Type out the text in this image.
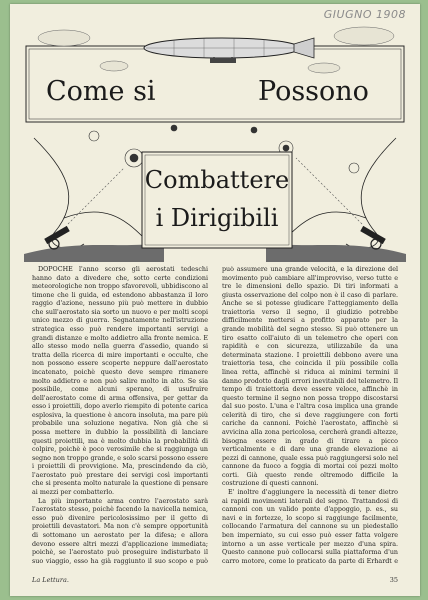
GIUGNO 1908
Come si	Possono
Combattere
i Dirigibili

DOPOCHÈ l'anno scorso gli aerostati tedeschi hanno dato a divedere che, sotto certe condizioni meteorologiche non troppo sfavorevoli, ubbidiscono al timone che li guida, ed estendono abbastanza il loro raggio d'azione, nessuno più può mettere in dubbio che sull'aerostato sia sorto un nuovo e per molti scopi unico mezzo di guerra. Segnatamente nell'istruzione strategica esso può rendere importanti servigi a grandi distanze e molto addietro alla fronte nemica. E allo stesso modo nella guerra d'assedio, quando si tratta della ricerca di mire importanti e occulte, che non possono essere scoperte neppure dall'aerostato incatenato, poichè questo deve sempre rimanere molto addietro e non può salire molto in alto. Se sia possibile, come alcuni sperano, di usufruire dell'aerostato come di arma offensiva, per gettar da esso i proiettili, dopo averlo riempito di potente carica esplosiva, la questione è ancora insoluta, ma pare più probabile una soluzione negativa. Non già che si possa mettere in dubbio la possibilità di lanciare questi proiettili, ma è molto dubbia la probabilità di colpire, poichè è poco verosimile che si raggiunga un segno non troppo grande, e solo scarsi possono essere i proiettili di provvigione. Ma, prescindendo da ciò, l'aerostato può prestare dei servigi così importanti che si presenta molto naturale la questione di pensare ai mezzi per combatterlo.

La più importante arma contro l'aerostato sarà l'aerostato stesso, poichè facendo la navicella nemica, esso può divenire pericolosissimo per il getto di proiettili devastatori. Ma non c'è sempre opportunità di sottomano un aerostato per la difesa; e allora devono essere altri mezzi d'applicazione immediata; poichè, se l'aerostato può proseguire indisturbato il suo viaggio, esso ha già raggiunto il suo scopo e può

può assumere una grande velocità, e la direzione del movimento può cambiare all'improvviso, verso tutte e tre le dimensioni dello spazio. Di tiri informati a giusta osservazione del colpo non è il caso di parlare. Anche se si potesse giudicare l'atteggiamento della traiettoria verso il segno, il giudizio potrebbe difficilmente mettersi a profitto apparato per la grande mobilità del segno stesso. Si può ottenere un tiro esatto coll'aiuto di un telemetro che operi con rapidità e con sicurezza, utilizzabile da una determinata stazione. I proiettili debbono avere una traiettoria tesa, che coincida il più possibile colla linea retta, affinchè si riduca ai minimi termini il danno prodotto dagli errori inevitabili del telemetro. Il tempo di traiettoria deve essere veloce, affinchè in questo termine il segno non possa troppo discostarsi dal suo posto. L'una e l'altra cosa implica una grande celerità di tiro, che si deve raggiungere con forti cariche da cannoni. Poichè l'aerostato, affinchè si avvicina alla zona pericolosa, cercherà grandi altezze, bisogna essere in grado di tirare a picco verticalmente e di dare una grande elevazione ai pezzi di cannone, quale essa può raggiungersi solo nel cannone da fuoco a foggia di mortai coi pezzi molto corti. Già questo rende oltremodo difficile la costruzione di questi cannoni.

E' inoltre d'aggiungere la necessità di tener dietro ai rapidi movimenti laterali del segno. Trattandosi di cannoni con un valido ponte d'appoggio, p. es., su navi e in fortezze, lo scopo si raggiunge facilmente, collocando l'armatura del cannone su un piedestallo ben imperniato, su cui esso può esser fatta volgere intorno a un asse verticale per mezzo d'una spira. Questo cannone può collocarsi sulla piattaforma d'un carro motore, come lo praticato da parte di Erhardt e

La Lettura.	35
